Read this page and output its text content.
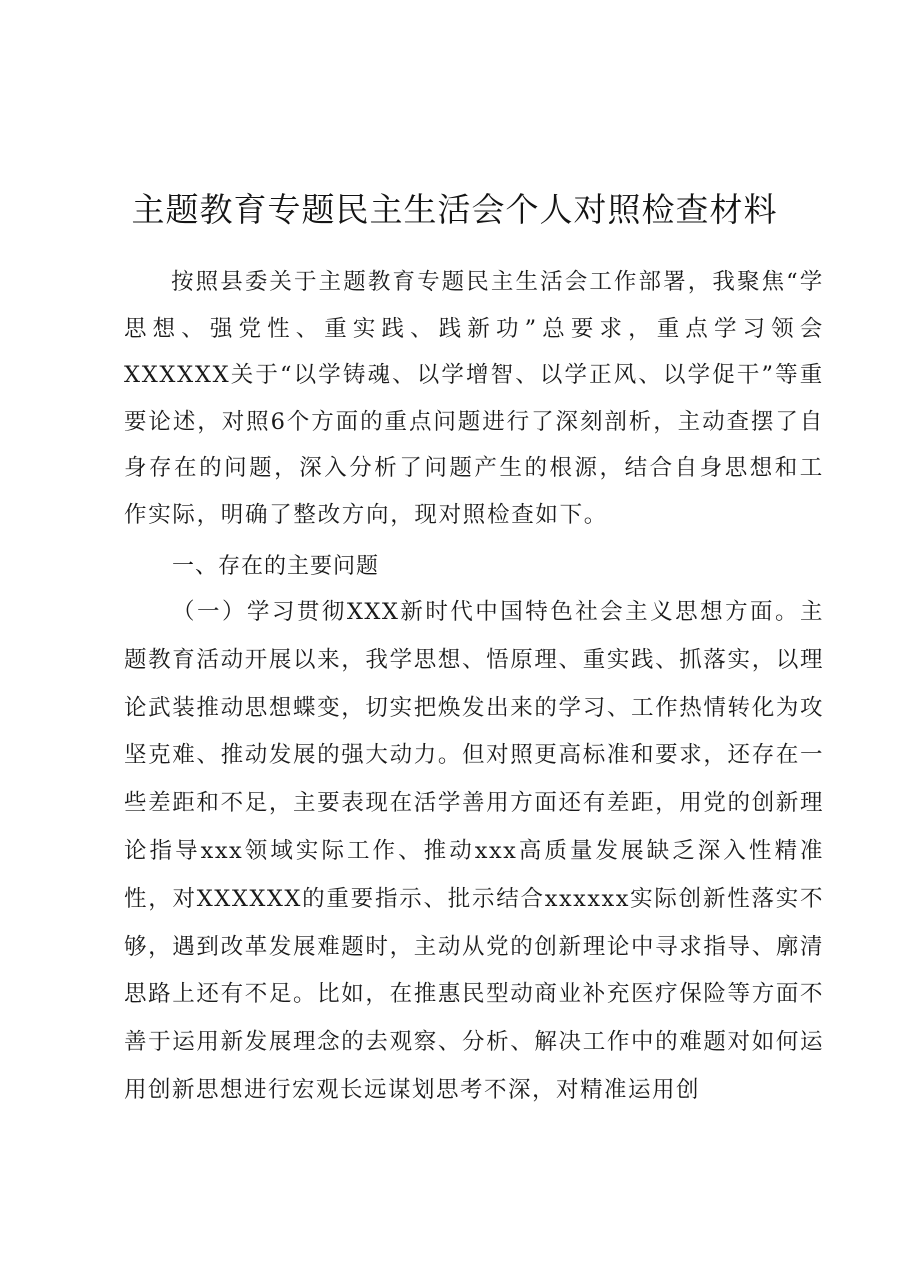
主题教育专题民主生活会个人对照检查材料

按照县委关于主题教育专题民主生活会工作部署，我聚焦“学思想、强党性、重实践、践新功”总要求，重点学习领会XXXXXX关于“以学铸魂、以学增智、以学正风、以学促干”等重要论述，对照6个方面的重点问题进行了深刻剖析，主动查摆了自身存在的问题，深入分析了问题产生的根源，结合自身思想和工作实际，明确了整改方向，现对照检查如下。

一、存在的主要问题

（一）学习贯彻XXX新时代中国特色社会主义思想方面。主题教育活动开展以来，我学思想、悟原理、重实践、抓落实，以理论武装推动思想蝶变，切实把焕发出来的学习、工作热情转化为攻坚克难、推动发展的强大动力。但对照更高标准和要求，还存在一些差距和不足，主要表现在活学善用方面还有差距，用党的创新理论指导xxx领域实际工作、推动xxx高质量发展缺乏深入性精准性，对XXXXXX的重要指示、批示结合xxxxxx实际创新性落实不够，遇到改革发展难题时，主动从党的创新理论中寻求指导、廓清思路上还有不足。比如，在推惠民型动商业补充医疗保险等方面不善于运用新发展理念的去观察、分析、解决工作中的难题对如何运用创新思想进行宏观长远谋划思考不深，对精准运用创
